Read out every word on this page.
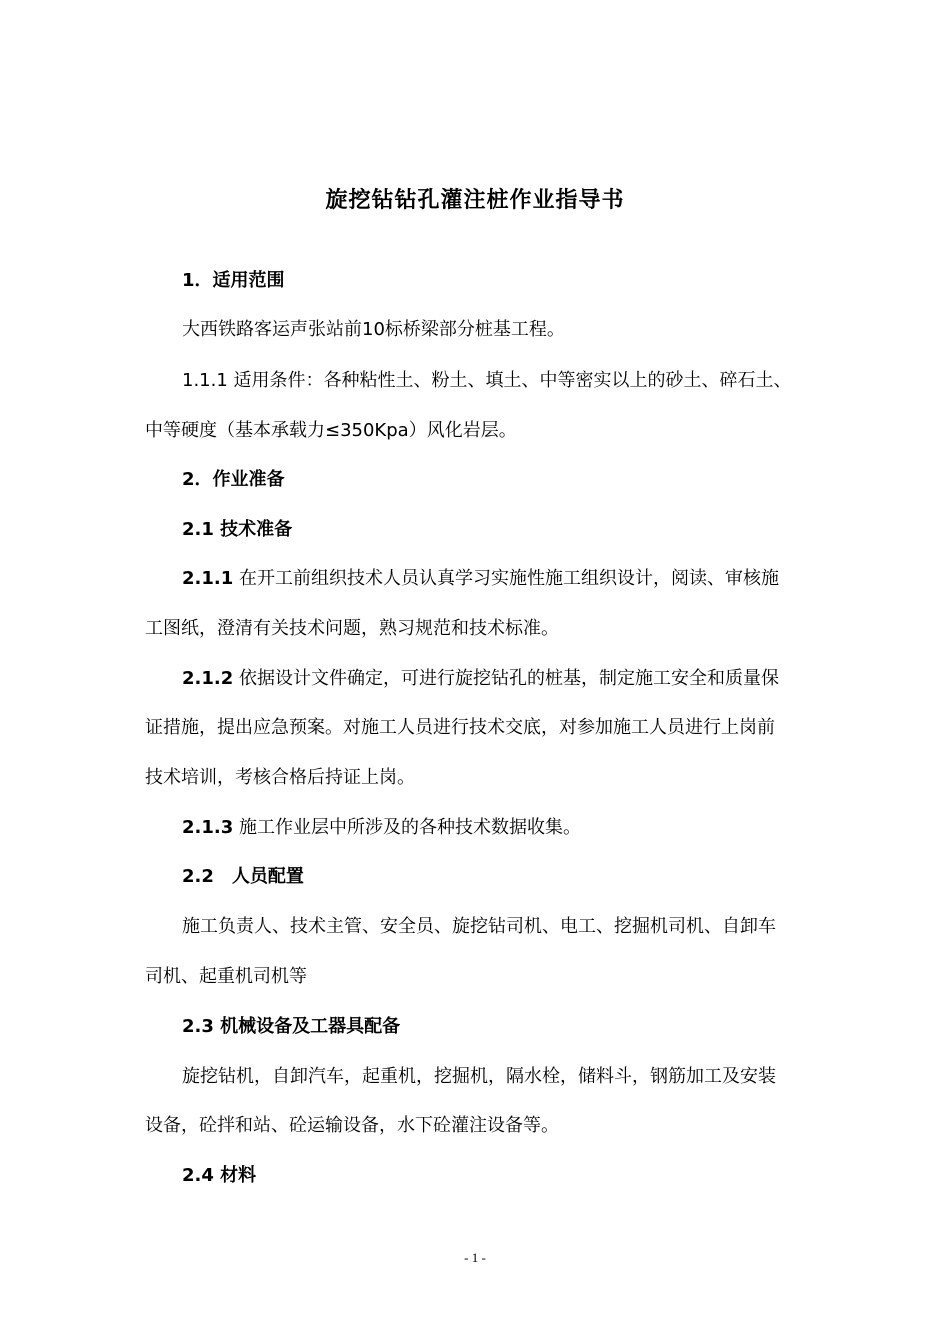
旋挖钻钻孔灌注桩作业指导书
1．适用范围
大西铁路客运声张站前10标桥梁部分桩基工程。
1.1.1 适用条件：各种粘性土、粉土、填土、中等密实以上的砂土、碎石土、
中等硬度（基本承载力≤350Kpa）风化岩层。
2．作业准备
2.1 技术准备
2.1.1 在开工前组织技术人员认真学习实施性施工组织设计，阅读、审核施
工图纸，澄清有关技术问题，熟习规范和技术标准。
2.1.2 依据设计文件确定，可进行旋挖钻孔的桩基，制定施工安全和质量保
证措施，提出应急预案。对施工人员进行技术交底，对参加施工人员进行上岗前
技术培训，考核合格后持证上岗。
2.1.3 施工作业层中所涉及的各种技术数据收集。
2.2　人员配置
施工负责人、技术主管、安全员、旋挖钻司机、电工、挖掘机司机、自卸车
司机、起重机司机等
2.3 机械设备及工器具配备
旋挖钻机，自卸汽车，起重机，挖掘机，隔水栓，储料斗，钢筋加工及安装
设备，砼拌和站、砼运输设备，水下砼灌注设备等。
2.4 材料
- 1 -
